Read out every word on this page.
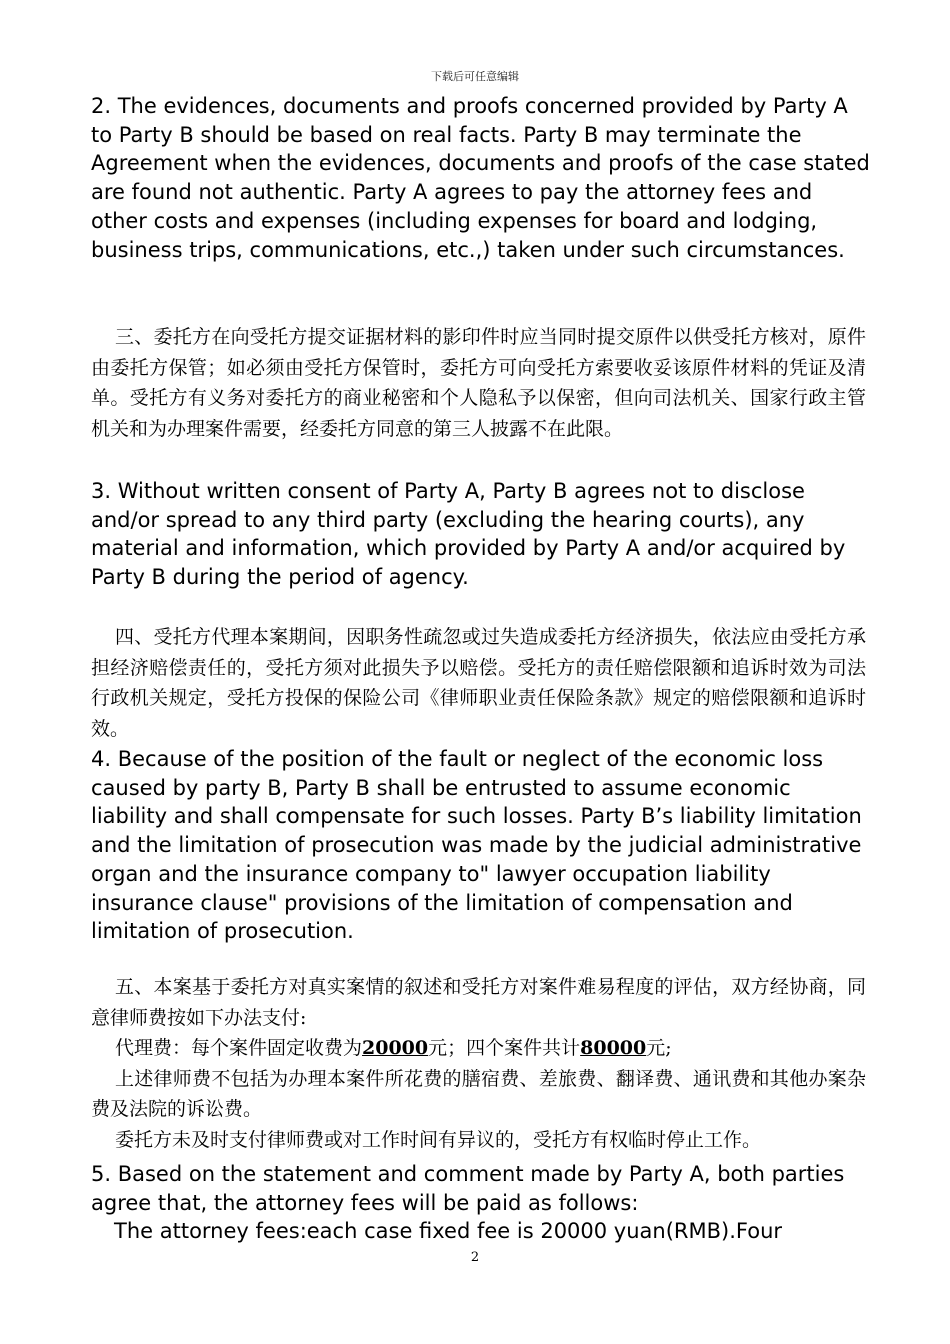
下载后可任意编辑

2. The evidences, documents and proofs concerned provided by Party A to Party B should be based on real facts. Party B may terminate the Agreement when the evidences, documents and proofs of the case stated are found not authentic. Party A agrees to pay the attorney fees and other costs and expenses (including expenses for board and lodging, business trips, communications, etc.,) taken under such circumstances.

三、委托方在向受托方提交证据材料的影印件时应当同时提交原件以供受托方核对，原件由委托方保管；如必须由受托方保管时，委托方可向受托方索要收妥该原件材料的凭证及清单。受托方有义务对委托方的商业秘密和个人隐私予以保密，但向司法机关、国家行政主管机关和为办理案件需要，经委托方同意的第三人披露不在此限。

3. Without written consent of Party A, Party B agrees not to disclose and/or spread to any third party (excluding the hearing courts), any material and information, which provided by Party A and/or acquired by Party B during the period of agency.

四、受托方代理本案期间，因职务性疏忽或过失造成委托方经济损失，依法应由受托方承担经济赔偿责任的，受托方须对此损失予以赔偿。受托方的责任赔偿限额和追诉时效为司法行政机关规定，受托方投保的保险公司《律师职业责任保险条款》规定的赔偿限额和追诉时效。

4. Because of the position of the fault or neglect of the economic loss caused by party B, Party B shall be entrusted to assume economic liability and shall compensate for such losses. Party B’s liability limitation and the limitation of prosecution was made by the judicial administrative organ and the insurance company to" lawyer occupation liability insurance clause" provisions of the limitation of compensation and limitation of prosecution.

五、本案基于委托方对真实案情的叙述和受托方对案件难易程度的评估，双方经协商，同意律师费按如下办法支付:
代理费：每个案件固定收费为20000元；四个案件共计80000元;
上述律师费不包括为办理本案件所花费的膳宿费、差旅费、翻译费、通讯费和其他办案杂费及法院的诉讼费。
委托方未及时支付律师费或对工作时间有异议的，受托方有权临时停止工作。

5. Based on the statement and comment made by Party A, both parties agree that, the attorney fees will be paid as follows:

The attorney fees:each case fixed fee is 20000 yuan(RMB).Four

2
